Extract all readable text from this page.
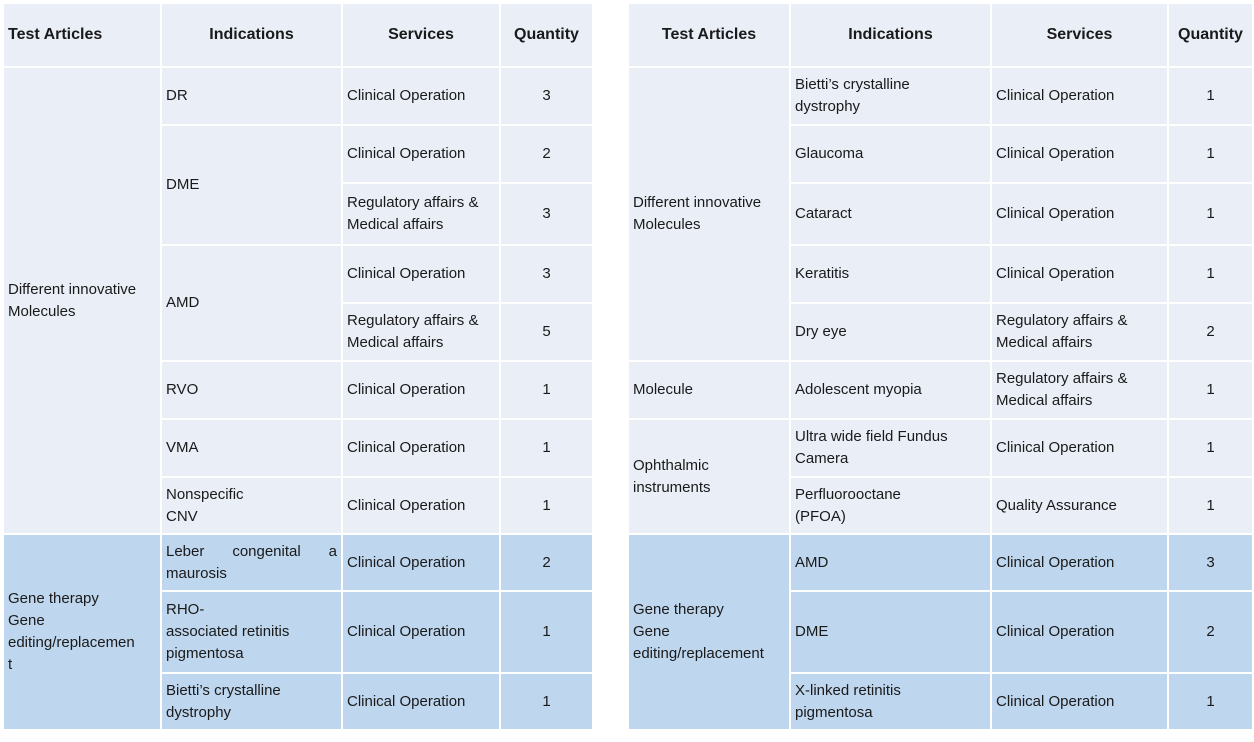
Test Articles	Indications	Services	Quantity
Different innovative
Molecules	DR	Clinical Operation	3
	DME	Clinical Operation	2
		Regulatory affairs &
Medical affairs	3
	AMD	Clinical Operation	3
		Regulatory affairs &
Medical affairs	5
	RVO	Clinical Operation	1
	VMA	Clinical Operation	1
	Nonspecific
CNV	Clinical Operation	1
Gene therapy
Gene
editing/replacemen
t	Leber congenital a maurosis	Clinical Operation	2
	RHO-
associated retinitis pigmentosa	Clinical Operation	1
	Bietti’s crystalline
dystrophy	Clinical Operation	1
Test Articles	Indications	Services	Quantity
Different innovative
Molecules	Bietti’s crystalline
dystrophy	Clinical Operation	1
	Glaucoma	Clinical Operation	1
	Cataract	Clinical Operation	1
	Keratitis	Clinical Operation	1
	Dry eye	Regulatory affairs &
Medical affairs	2
Molecule	Adolescent myopia	Regulatory affairs &
Medical affairs	1
Ophthalmic
instruments	Ultra wide field Fundus
Camera	Clinical Operation	1
	Perfluorooctane
(PFOA)	Quality Assurance	1
Gene therapy
Gene
editing/replacement	AMD	Clinical Operation	3
	DME	Clinical Operation	2
	X-linked retinitis
pigmentosa	Clinical Operation	1
